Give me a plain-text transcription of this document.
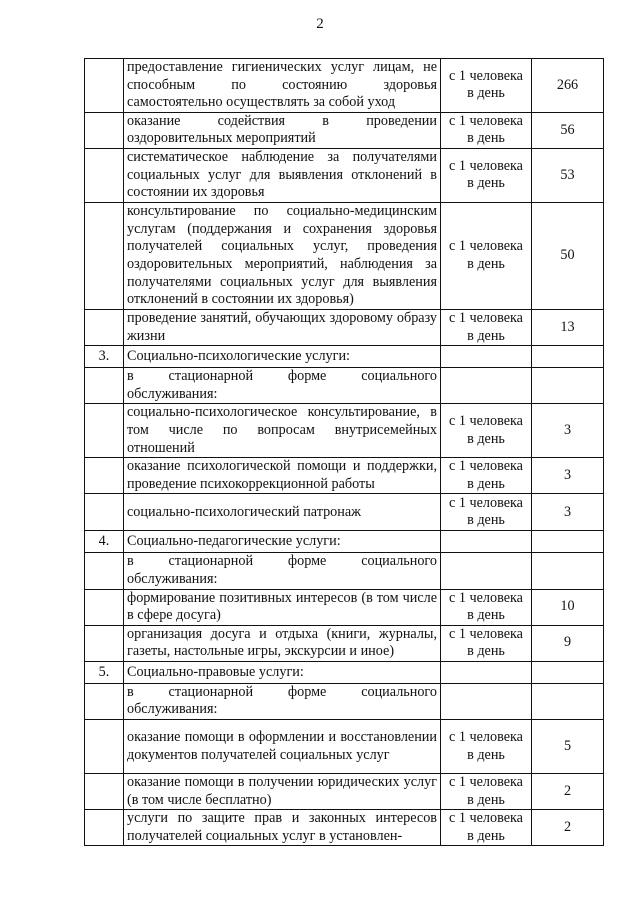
2
	предоставление гигиенических услуг лицам, не способным по состоянию здоровья самостоятельно осуществлять за собой уход	с 1 человека
в день	266
	оказание содействия в проведении оздоровительных мероприятий	с 1 человека
в день	56
	систематическое наблюдение за получателями социальных услуг для выявления отклонений в состоянии их здоровья	с 1 человека
в день	53
	консультирование по социально-медицинским услугам (поддержания и сохранения здоровья получателей социальных услуг, проведения оздоровительных мероприятий, наблюдения за получателями социальных услуг для выявления отклонений в состоянии их здоровья)	с 1 человека
в день	50
	проведение занятий, обучающих здоровому образу жизни	с 1 человека
в день	13
3.	Социально-психологические услуги:	

	в стационарной форме социального обслуживания:	

	социально-психологическое консультирование, в том числе по вопросам внутрисемейных отношений	с 1 человека
в день	3
	оказание психологической помощи и поддержки, проведение психокоррекционной работы	с 1 человека
в день	3
	социально-психологический патронаж	с 1 человека
в день	3
4.	Социально-педагогические услуги:	

	в стационарной форме социального обслуживания:	

	формирование позитивных интересов (в том числе в сфере досуга)	с 1 человека
в день	10
	организация досуга и отдыха (книги, журналы, газеты, настольные игры, экскурсии и иное)	с 1 человека
в день	9
5.	Социально-правовые услуги:	

	в стационарной форме социального обслуживания:	

	оказание помощи в оформлении и восстановлении документов получателей социальных услуг	с 1 человека
в день	5
	оказание помощи в получении юридических услуг (в том числе бесплатно)	с 1 человека
в день	2
	услуги по защите прав и законных интересов получателей социальных услуг в установлен-	с 1 человека
в день	2
